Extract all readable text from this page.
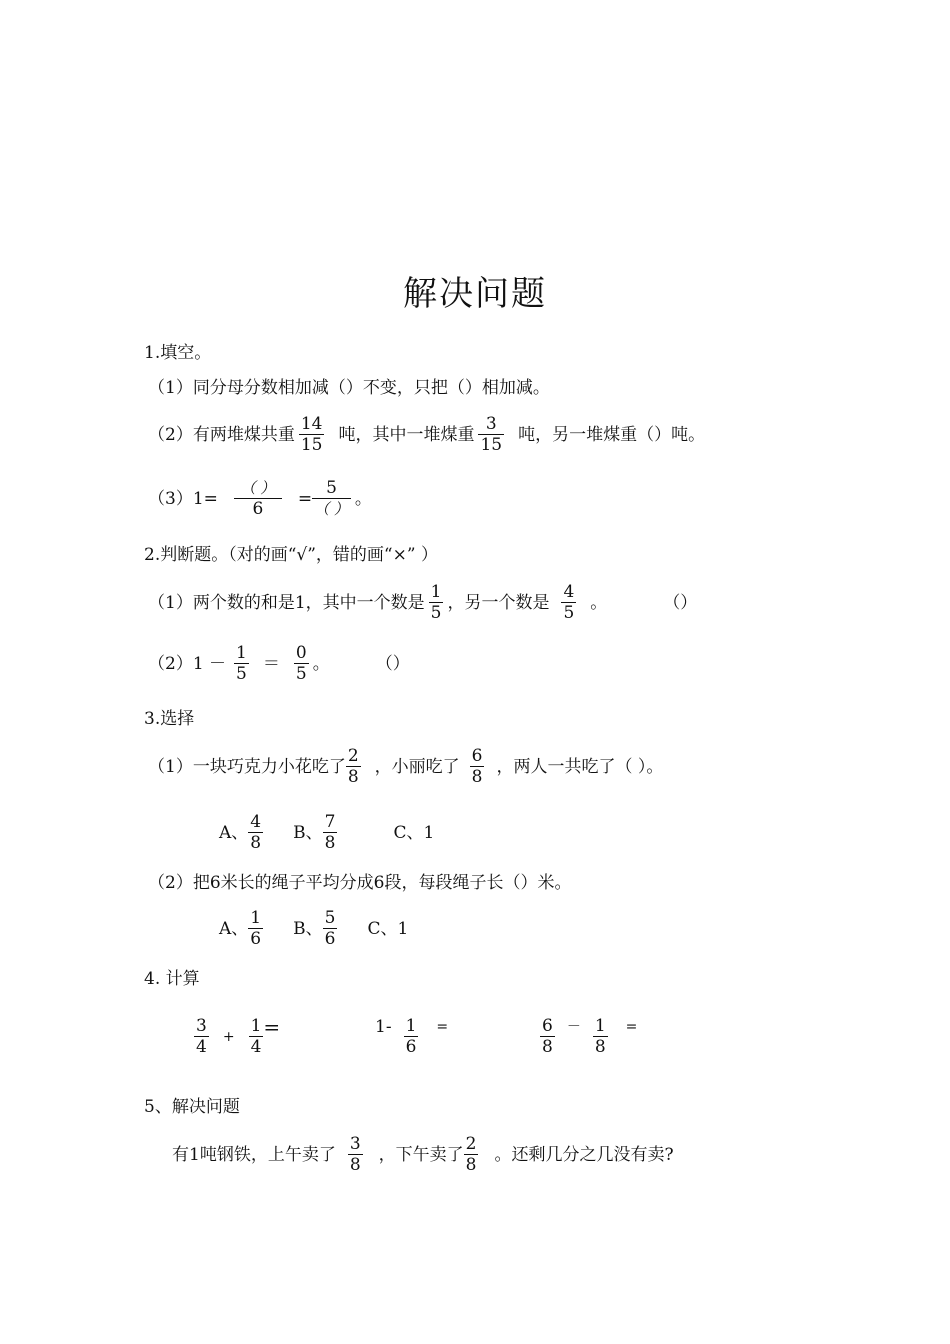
解决问题
1.填空。
（1）同分母分数相加减（）不变，只把（）相加减。
（2）有两堆煤共重 $\frac{14}{15}$ 吨，其中一堆煤重 $\frac{3}{15}$ 吨，另一堆煤重（）吨。
$(3)1= \frac{( )}{6} = \frac{5}{( )}$ 。
2.判断题。（对的画“√”，错的画“×” ）
（1）两个数的和是1，其中一个数是 $\frac{1}{5}$ ，另一个数是 $\frac{4}{5}$ 。	（）
$(2)1 - \frac{1}{5} = \frac{0}{5}$ 。	（）
3.选择
（1）一块巧克力小花吃了 $\frac{2}{8}$ ，小丽吃了 $\frac{6}{8}$ ，两人一共吃了（ ）。
A、 $\frac{4}{8}$ B、 $\frac{7}{8}$	C、1
（2）把6米长的绳子平均分成6段，每段绳子长（）米。
A、 $\frac{1}{6}$ B、 $\frac{5}{6}$ C、1
4. 计算
$\frac{3}{4} + \frac{1}{4}$ =	$1- \frac{1}{6}$ =	$\frac{6}{8} - \frac{1}{8}$ =
5、解决问题
有1吨钢铁，上午卖了 $\frac{3}{8}$ ，下午卖了 $\frac{2}{8}$ 。还剩几分之几没有卖?
